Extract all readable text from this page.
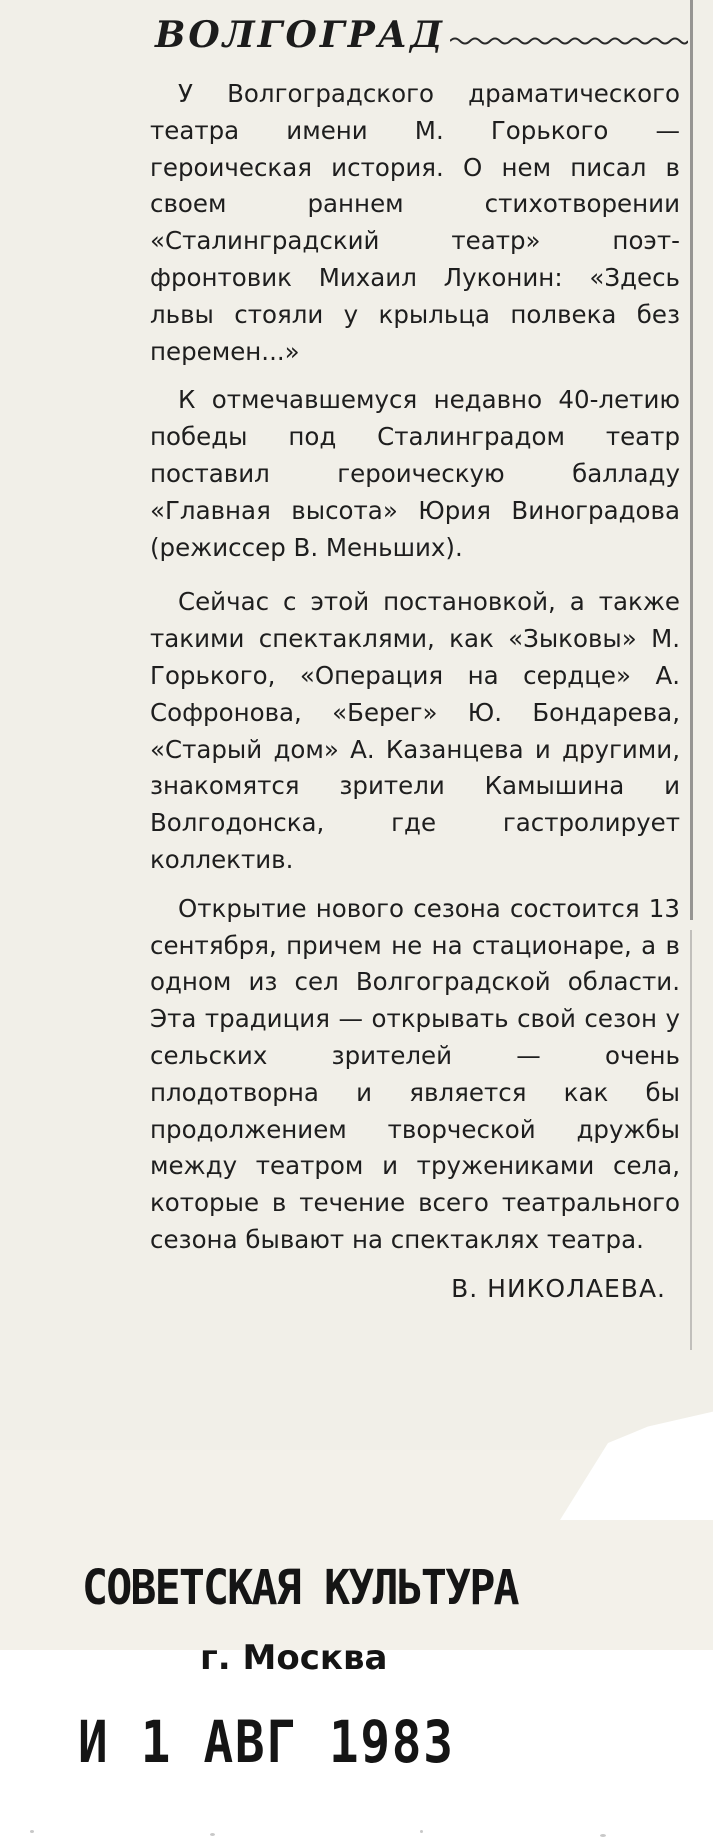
ВОЛГОГРАД

У Волгоградского драматического театра имени М. Горького — героическая история. О нем писал в своем раннем стихотворении «Сталинградский театр» поэт-фронтовик Михаил Луконин: «Здесь львы стояли у крыльца полвека без перемен...»

К отмечавшемуся недавно 40-летию победы под Сталинградом театр поставил героическую балладу «Главная высота» Юрия Виноградова (режиссер В. Меньших).

Сейчас с этой постановкой, а также такими спектаклями, как «Зыковы» М. Горького, «Операция на сердце» А. Софронова, «Берег» Ю. Бондарева, «Старый дом» А. Казанцева и другими, знакомятся зрители Камышина и Волгодонска, где гастролирует коллектив.

Открытие нового сезона состоится 13 сентября, причем не на стационаре, а в одном из сел Волгоградской области. Эта традиция — открывать свой сезон у сельских зрителей — очень плодотворна и является как бы продолжением творческой дружбы между театром и тружениками села, которые в течение всего театрального сезона бывают на спектаклях театра.

В. НИКОЛАЕВА.
СОВЕТСКАЯ КУЛЬТУРА
г. Москва
И 1 АВГ 1983
